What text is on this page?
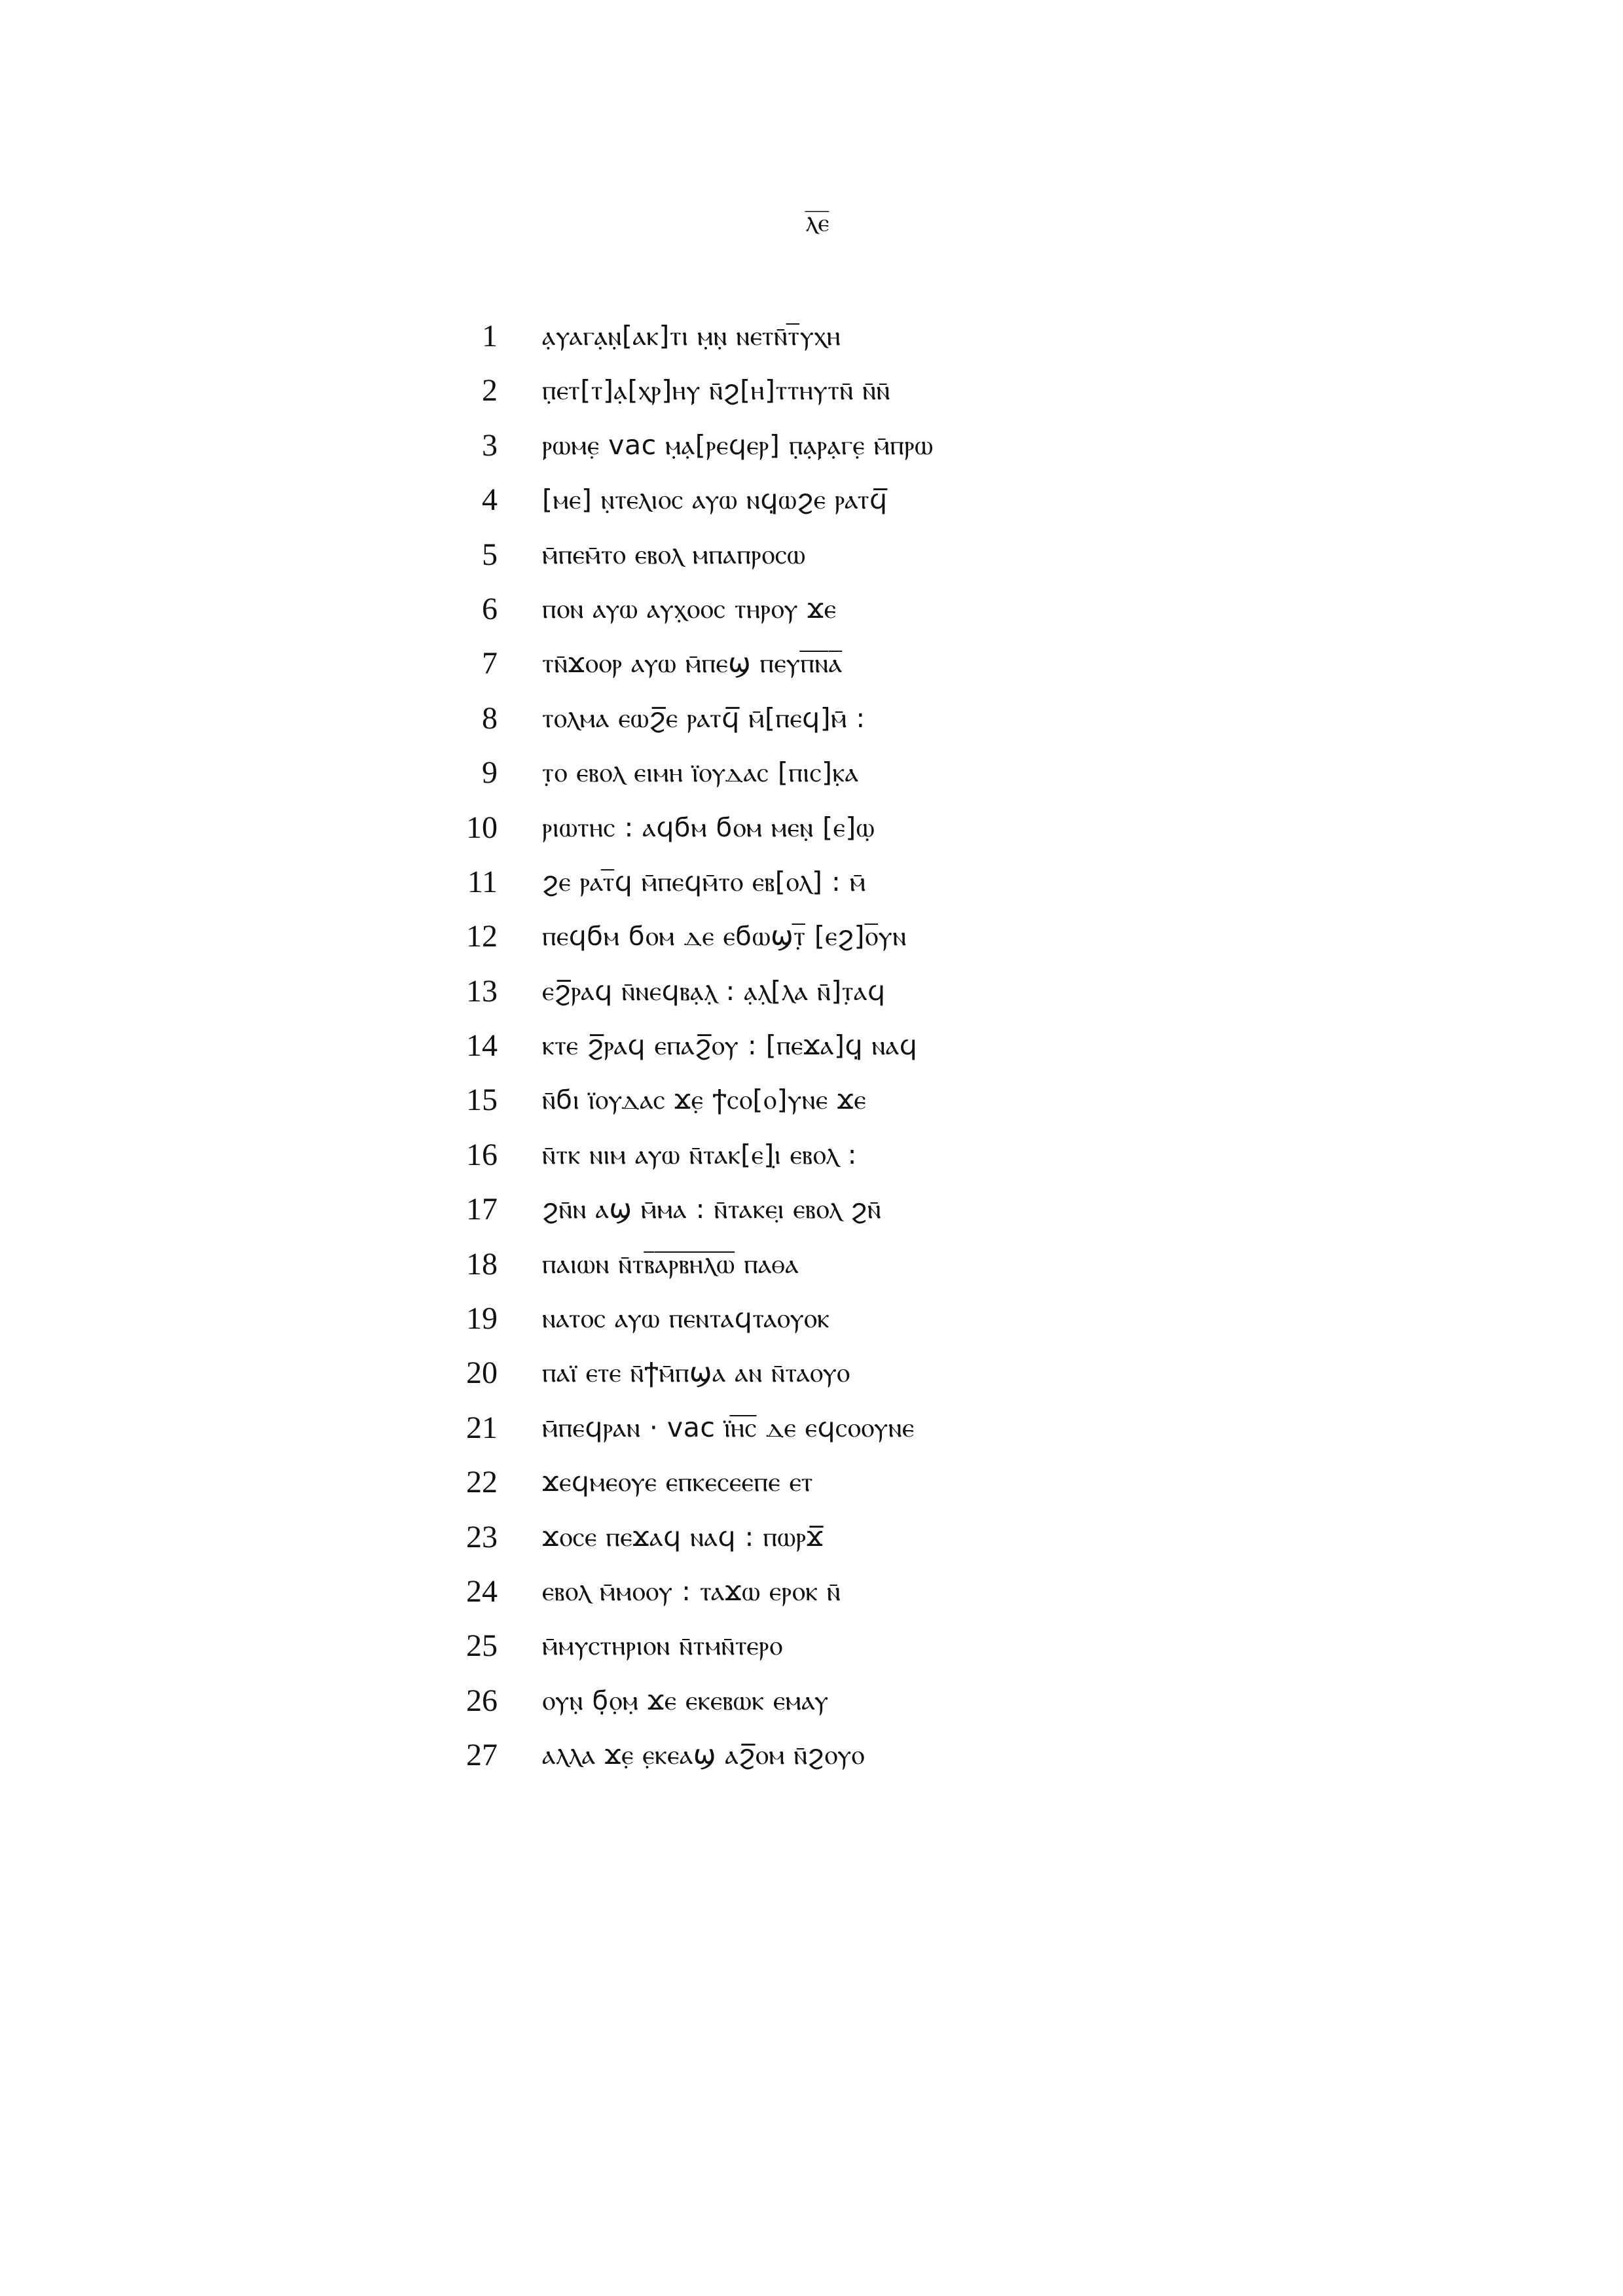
ⲗ̅ⲉ̅
1 ⲁ̣ⲩⲁⲅⲁ̣ⲛ̣[ⲁⲕ]ⲧⲓ ⲙ̣ⲛ̣ ⲛⲉⲧⲛ̄ⲧ̅ⲩⲭⲏ
2 ⲡ̣ⲉⲧ[ⲧ]ⲁ̣[ⲭⲣ]ⲏⲩ̣ ⲛ̄ϩ[ⲏ]ⲧⲧⲏⲩⲧⲛ̄ ⲛ̄ⲛ̄
3 ⲣ̣ⲱⲙⲉ̣ vac ⲙ̣ⲁ̣[ⲣⲉϥⲉⲣ] ⲡ̣ⲁ̣ⲣ̣ⲁ̣ⲅⲉ̣ ⲙ̄ⲡⲣⲱ
4 [ⲙⲉ] ⲛ̣ⲧⲉⲗⲓⲟⲥ ⲁⲩⲱ ⲛϥ̣ⲱϩⲉ ⲣⲁⲧϥ̅
5 ⲙ̄ⲡⲉⲙ̄ⲧⲟ ⲉⲃⲟⲗ ⲙⲡⲁⲡⲣⲟⲥⲱ
6 ⲡⲟⲛ ⲁⲩⲱ ⲁⲩⲭ̣ⲟⲟⲥ ⲧⲏⲣⲟⲩ ϫⲉ
7 ⲧⲛ̄ϫⲟⲟⲣ ⲁⲩⲱ ⲙ̄ⲡⲉϣ ⲡⲉⲩⲡ̅ⲛ̅ⲁ̅
8 ⲧⲟⲗⲙⲁ ⲉⲱϩ̅ⲉ ⲣⲁⲧϥ̅ ⲙ̄[ⲡⲉϥ]ⲙ̄ :
9 ⲧ̣ⲟ ⲉⲃⲟⲗ ⲉⲓⲙⲏ ⲓ̈ⲟⲩⲇⲁⲥ [ⲡⲓⲥ]ⲕ̣ⲁ
10 ⲣⲓⲱⲧⲏⲥ : ⲁϥϭⲙ ϭⲟⲙ ⲙⲉⲛ̣ [ⲉ]ⲱ̣
11 ϩⲉ ⲣⲁⲧ̅ϥ ⲙ̄ⲡⲉϥⲙ̄ⲧⲟ ⲉⲃ[ⲟⲗ] : ⲙ̄
12 ⲡⲉϥϭⲙ ϭⲟⲙ ⲇⲉ ⲉϭⲱϣⲧ̣̅ [ⲉϩ]ⲟ̅ⲩⲛ
13 ⲉϩ̅ⲣⲁϥ ⲛ̄ⲛⲉϥⲃⲁ̣ⲗ̣ : ⲁ̣ⲗ̣[ⲗⲁ ⲛ̄]ⲧ̣ⲁϥ
14 ⲕⲧⲉ ϩ̅ⲣⲁϥ ⲉⲡⲁϩ̅ⲟⲩ : [ⲡⲉϫⲁ]ϥ̣ ⲛⲁϥ
15 ⲛ̄ϭⲓ ⲓ̈ⲟⲩⲇⲁⲥ ϫⲉ̣ ϯⲥⲟ[ⲟ]ⲩⲛⲉ ϫⲉ
16 ⲛ̄ⲧⲕ ⲛⲓⲙ ⲁⲩⲱ ⲛ̄ⲧⲁⲕ[ⲉ]ⲓ̣ ⲉⲃⲟⲗ :
17 ϩⲛ̄ⲛ ⲁϣ ⲙ̄ⲙⲁ : ⲛ̄ⲧⲁⲕⲉⲓ̣ ⲉⲃⲟⲗ ϩⲛ̄
18 ⲡⲁⲓⲱⲛ ⲛ̄ⲧⲃ̅ⲁ̅ⲣ̅ⲃ̅ⲏ̅ⲗ̅ⲱ̅ ⲡⲁⲑⲁ
19 ⲛⲁⲧⲟⲥ ⲁⲩⲱ ⲡⲉⲛⲧⲁϥⲧⲁⲟⲩⲟⲕ
20 ⲡⲁⲓ̈ ⲉⲧⲉ ⲛ̄ϯⲙ̄ⲡϣⲁ ⲁⲛ ⲛ̄ⲧⲁⲟⲩⲟ
21 ⲙ̄ⲡⲉϥⲣⲁⲛ · vac ⲓ̈ⲏ̅ⲥ̅ ⲇⲉ ⲉϥⲥⲟⲟⲩⲛⲉ
22 ϫⲉϥⲙⲉⲟⲩⲉ ⲉⲡⲕⲉⲥⲉⲉⲡⲉ ⲉⲧ
23 ϫⲟⲥⲉ ⲡⲉϫⲁϥ ⲛⲁϥ : ⲡⲱⲣϫ̅
24 ⲉⲃⲟⲗ ⲙ̄ⲙⲟⲟⲩ : ⲧⲁϫⲱ ⲉⲣⲟⲕ ⲛ̄
25 ⲙ̄ⲙⲩⲥⲧⲏⲣⲓⲟⲛ ⲛ̄ⲧⲙⲛ̄ⲧⲉⲣⲟ
26 ⲟⲩⲛ̣ ϭ̣ⲟ̣ⲙ̣ ϫⲉ ⲉⲕⲉⲃⲱⲕ ⲉⲙⲁⲩ
27 ⲁⲗⲗⲁ ϫⲉ̣ ⲉ̣ⲕⲉⲁϣ ⲁϩ̅ⲟⲙ ⲛ̄ϩⲟⲩⲟ
